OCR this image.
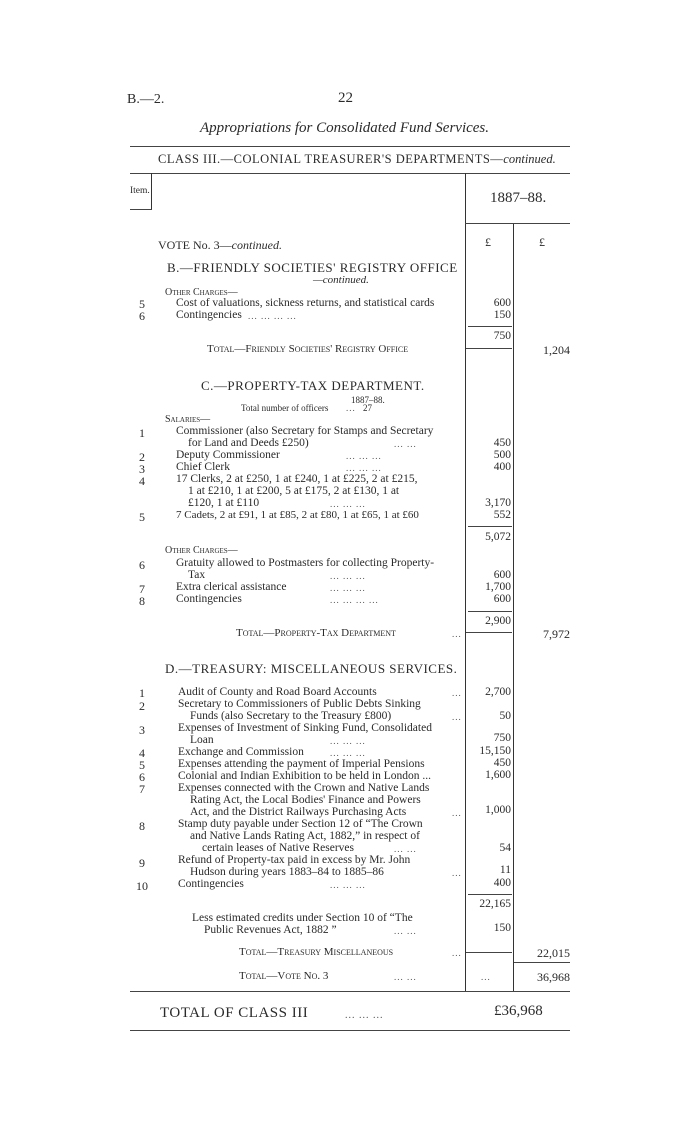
B.—2.	22
Appropriations for Consolidated Fund Services.
CLASS III.—COLONIAL TREASURER'S DEPARTMENTS—continued.
Item.	1887–88.
£	£
VOTE No. 3—continued.
B.—FRIENDLY SOCIETIES' REGISTRY OFFICE
—continued.
Other Charges—
5	Cost of valuations, sickness returns, and statistical cards	600
6	Contingencies ... ... ... ...	150
750
Total—Friendly Societies' Registry Office	1,204
C.—PROPERTY-TAX DEPARTMENT.
1887–88.
Total number of officers ... 27
Salaries—
1	Commissioner (also Secretary for Stamps and Secretary
for Land and Deeds £250)	... ...	450
2	Deputy Commissioner	... ... ...	500
3	Chief Clerk	... ... ...	400
4	17 Clerks, 2 at £250, 1 at £240, 1 at £225, 2 at £215,
1 at £210, 1 at £200, 5 at £175, 2 at £130, 1 at
£120, 1 at £110	... ... ...	3,170
5	7 Cadets, 2 at £91, 1 at £85, 2 at £80, 1 at £65, 1 at £60	552
5,072
Other Charges—
6	Gratuity allowed to Postmasters for collecting Property-
Tax	... ... ...	600
7	Extra clerical assistance	... ... ...	1,700
8	Contingencies	... ... ... ...	600
2,900
Total—Property-Tax Department	...	7,972
D.—TREASURY: MISCELLANEOUS SERVICES.
1	Audit of County and Road Board Accounts	...	2,700
2	Secretary to Commissioners of Public Debts Sinking
Funds (also Secretary to the Treasury £800)	...	50
3	Expenses of Investment of Sinking Fund, Consolidated
Loan	... ... ...	750
4	Exchange and Commission	... ... ...	15,150
5	Expenses attending the payment of Imperial Pensions	450
6	Colonial and Indian Exhibition to be held in London ...	1,600
7	Expenses connected with the Crown and Native Lands
Rating Act, the Local Bodies' Finance and Powers
Act, and the District Railways Purchasing Acts	...	1,000
8	Stamp duty payable under Section 12 of “The Crown
and Native Lands Rating Act, 1882,” in respect of
certain leases of Native Reserves	... ...	54
9	Refund of Property-tax paid in excess by Mr. John
Hudson during years 1883–84 to 1885–86	...	11
10	Contingencies	... ... ...	400
22,165
Less estimated credits under Section 10 of “The
Public Revenues Act, 1882 ”	... ...	150
Total—Treasury Miscellaneous	...	22,015
Total—Vote No. 3	... ...	...	36,968
TOTAL OF CLASS III	... ... ...	£36,968
